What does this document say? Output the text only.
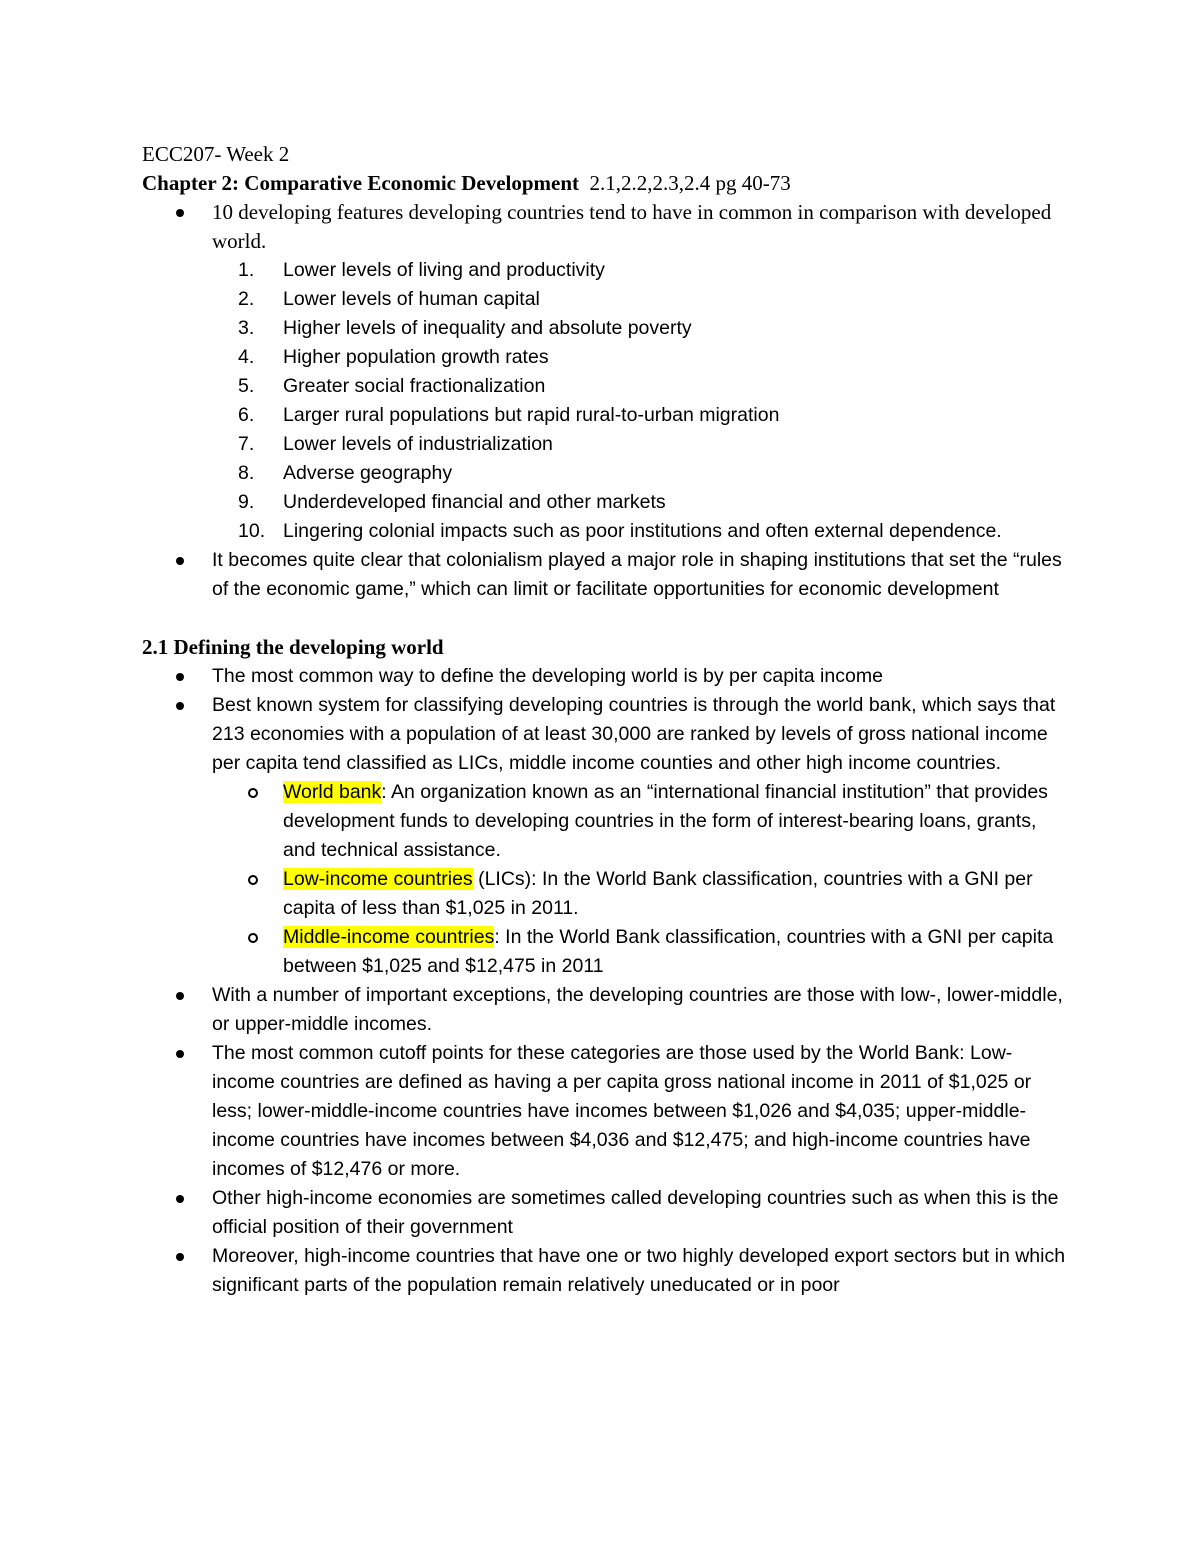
ECC207- Week 2

Chapter 2: Comparative Economic Development 2.1,2.2,2.3,2.4 pg 40-73

10 developing features developing countries tend to have in common in comparison with developed world.
1.	Lower levels of living and productivity
2.	Lower levels of human capital
3.	Higher levels of inequality and absolute poverty
4.	Higher population growth rates
5.	Greater social fractionalization
6.	Larger rural populations but rapid rural-to-urban migration
7.	Lower levels of industrialization
8.	Adverse geography
9.	Underdeveloped financial and other markets
10. Lingering colonial impacts such as poor institutions and often external dependence.
It becomes quite clear that colonialism played a major role in shaping institutions that set the “rules of the economic game,” which can limit or facilitate opportunities for economic development

2.1 Defining the developing world

The most common way to define the developing world is by per capita income
Best known system for classifying developing countries is through the world bank, which says that 213 economies with a population of at least 30,000 are ranked by levels of gross national income per capita tend classified as LICs, middle income counties and other high income countries.
World bank: An organization known as an “international financial institution” that provides development funds to developing countries in the form of interest-bearing loans, grants, and technical assistance.
Low-income countries (LICs): In the World Bank classification, countries with a GNI per capita of less than $1,025 in 2011.
Middle-income countries: In the World Bank classification, countries with a GNI per capita between $1,025 and $12,475 in 2011
With a number of important exceptions, the developing countries are those with low-, lower-middle, or upper-middle incomes.
The most common cutoff points for these categories are those used by the World Bank: Low-income countries are defined as having a per capita gross national income in 2011 of $1,025 or less; lower-middle-income countries have incomes between $1,026 and $4,035; upper-middle-income countries have incomes between $4,036 and $12,475; and high-income countries have incomes of $12,476 or more.
Other high-income economies are sometimes called developing countries such as when this is the official position of their government
Moreover, high-income countries that have one or two highly developed export sectors but in which significant parts of the population remain relatively uneducated or in poor
